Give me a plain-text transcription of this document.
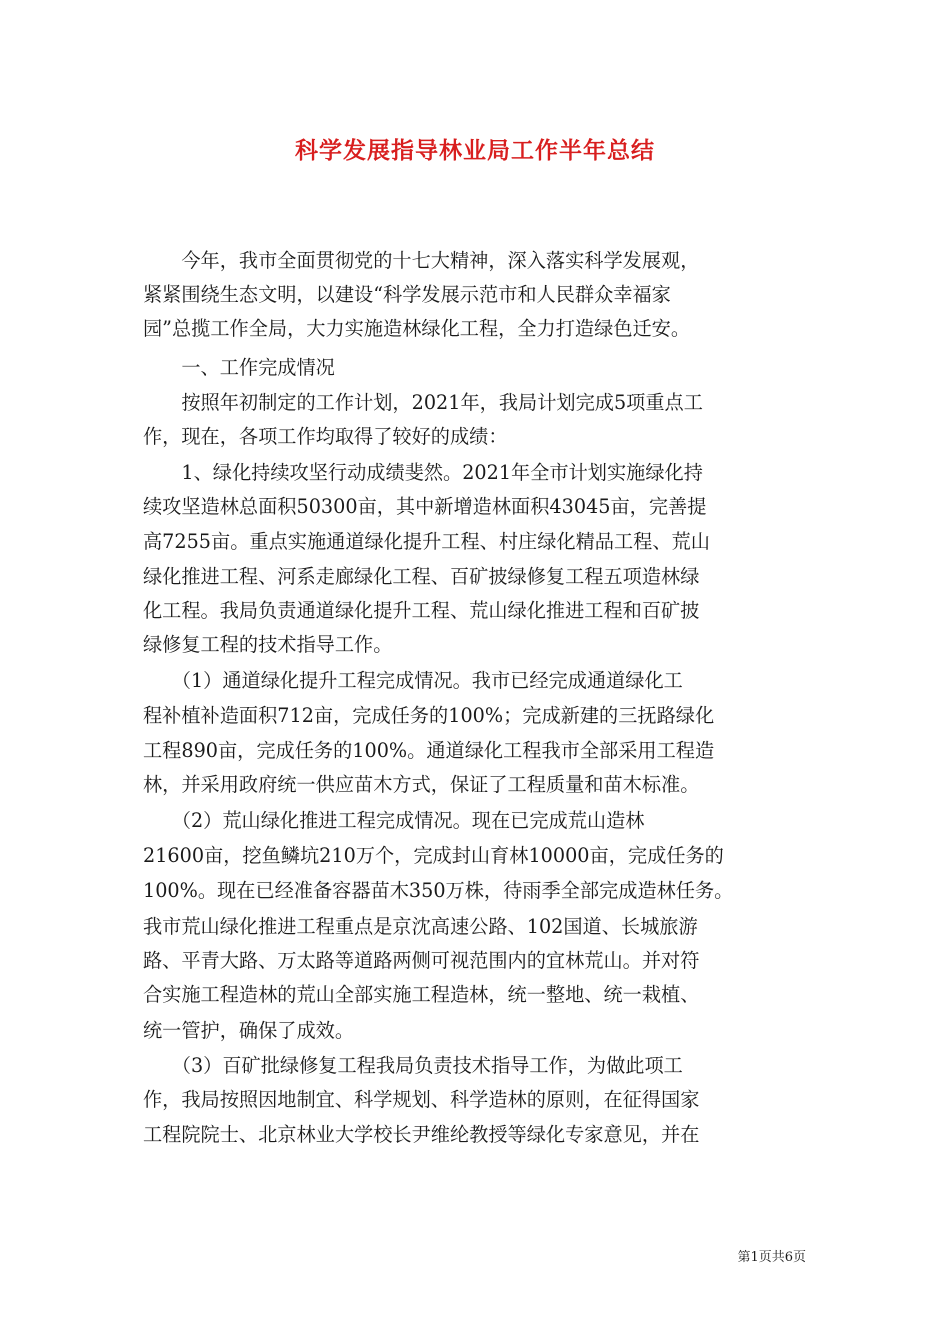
科学发展指导林业局工作半年总结
　　今年，我市全面贯彻党的十七大精神，深入落实科学发展观，
紧紧围绕生态文明，以建设“科学发展示范市和人民群众幸福家
园”总揽工作全局，大力实施造林绿化工程，全力打造绿色迁安。
　　一、工作完成情况
　　按照年初制定的工作计划，2021年，我局计划完成5项重点工
作，现在，各项工作均取得了较好的成绩：
　　1、绿化持续攻坚行动成绩斐然。2021年全市计划实施绿化持
续攻坚造林总面积50300亩，其中新增造林面积43045亩，完善提
高7255亩。重点实施通道绿化提升工程、村庄绿化精品工程、荒山
绿化推进工程、河系走廊绿化工程、百矿披绿修复工程五项造林绿
化工程。我局负责通道绿化提升工程、荒山绿化推进工程和百矿披
绿修复工程的技术指导工作。
　　（1）通道绿化提升工程完成情况。我市已经完成通道绿化工
程补植补造面积712亩，完成任务的100%；完成新建的三抚路绿化
工程890亩，完成任务的100%。通道绿化工程我市全部采用工程造
林，并采用政府统一供应苗木方式，保证了工程质量和苗木标准。
　　（2）荒山绿化推进工程完成情况。现在已完成荒山造林
21600亩，挖鱼鳞坑210万个，完成封山育林10000亩，完成任务的
100%。现在已经准备容器苗木350万株，待雨季全部完成造林任务。
我市荒山绿化推进工程重点是京沈高速公路、102国道、长城旅游
路、平青大路、万太路等道路两侧可视范围内的宜林荒山。并对符
合实施工程造林的荒山全部实施工程造林，统一整地、统一栽植、
统一管护，确保了成效。
　　（3）百矿批绿修复工程我局负责技术指导工作，为做此项工
作，我局按照因地制宜、科学规划、科学造林的原则，在征得国家
工程院院士、北京林业大学校长尹维纶教授等绿化专家意见，并在
第1页共6页
